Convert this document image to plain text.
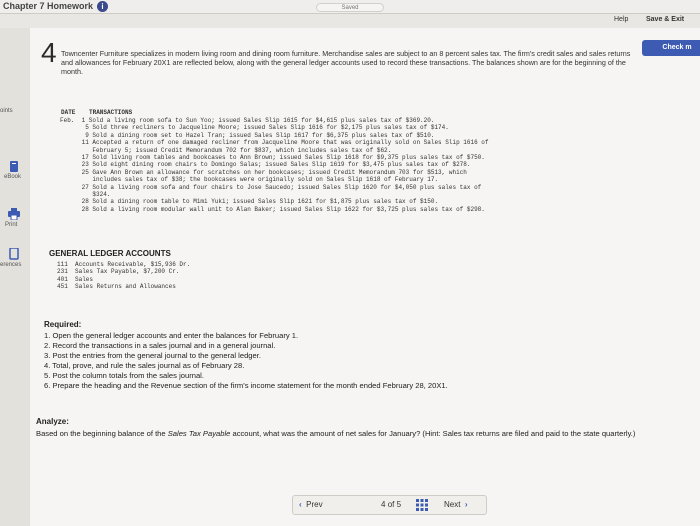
Chapter 7 Homework	i	Saved
Help	Save & Exit
oints
eBook
Print
erences
4	Check m

Towncenter Furniture specializes in modern living room and dining room furniture. Merchandise sales are subject to an 8 percent sales tax. The firm's credit sales and sales returns and allowances for February 20X1 are reflected below, along with the general ledger accounts used to record these transactions. The balances shown are for the beginning of the month.

DATE TRANSACTIONS
Feb.  1 Sold a living room sofa to Sun Yoo; issued Sales Slip 1615 for $4,615 plus sales tax of $369.20.
5 Sold three recliners to Jacqueline Moore; issued Sales Slip 1616 for $2,175 plus sales tax of $174.
9 Sold a dining room set to Hazel Tran; issued Sales Slip 1617 for $6,375 plus sales tax of $510.
11 Accepted a return of one damaged recliner from Jacqueline Moore that was originally sold on Sales Slip 1616 of
February 5; issued Credit Memorandum 702 for $837, which includes sales tax of $62.
17 Sold living room tables and bookcases to Ann Brown; issued Sales Slip 1618 for $9,375 plus sales tax of $750.
23 Sold eight dining room chairs to Domingo Salas; issued Sales Slip 1619 for $3,475 plus sales tax of $278.
25 Gave Ann Brown an allowance for scratches on her bookcases; issued Credit Memorandum 703 for $513, which
includes sales tax of $38; the bookcases were originally sold on Sales Slip 1618 of February 17.
27 Sold a living room sofa and four chairs to Jose Saucedo; issued Sales Slip 1620 for $4,050 plus sales tax of
$324.
28 Sold a dining room table to Mimi Yuki; issued Sales Slip 1621 for $1,875 plus sales tax of $150.
28 Sold a living room modular wall unit to Alan Baker; issued Sales Slip 1622 for $3,725 plus sales tax of $298.
GENERAL LEDGER ACCOUNTS
111  Accounts Receivable, $15,936 Dr.
231  Sales Tax Payable, $7,200 Cr.
401  Sales
451  Sales Returns and Allowances
Required:
1. Open the general ledger accounts and enter the balances for February 1.
2. Record the transactions in a sales journal and in a general journal.
3. Post the entries from the general journal to the general ledger.
4. Total, prove, and rule the sales journal as of February 28.
5. Post the column totals from the sales journal.
6. Prepare the heading and the Revenue section of the firm's income statement for the month ended February 28, 20X1.
Analyze:

Based on the beginning balance of the Sales Tax Payable account, what was the amount of net sales for January? (Hint: Sales tax returns are filed and paid to the state quarterly.)

‹ Prev	4 of 5	Next ›
